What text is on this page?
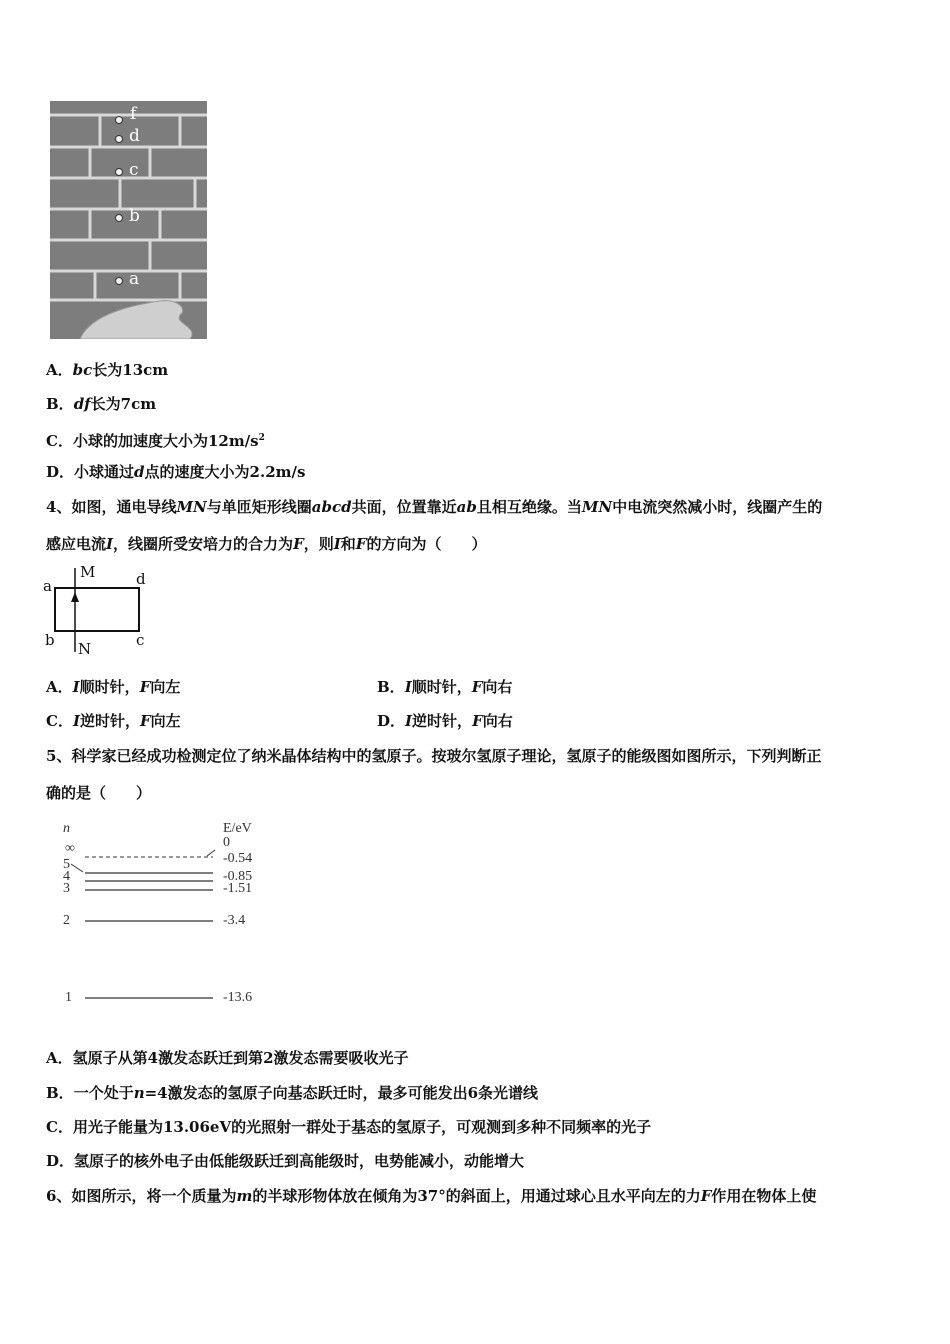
f
d
c
b
a
A．bc长为13cm
B．df长为7cm
C．小球的加速度大小为$12m/s^2$
D．小球通过d点的速度大小为2.2m/s
4、如图，通电导线MN与单匝矩形线圈abcd共面，位置靠近ab且相互绝缘。当MN中电流突然减小时，线圈产生的
感应电流I，线圈所受安培力的合力为F，则I和F的方向为（　　）
a
b	c
d
M
N
A．I顺时针，F向左	B．I顺时针，F向右
C．I逆时针，F向左	D．I逆时针，F向右
5、科学家已经成功检测定位了纳米晶体结构中的氢原子。按玻尔氢原子理论，氢原子的能级图如图所示，下列判断正
确的是（　　）
n	E/eV
∞	0
5	-0.54
4	-0.85
3	-1.51
2	-3.4
1	-13.6
A．氢原子从第4激发态跃迁到第2激发态需要吸收光子
B．一个处于n=4激发态的氢原子向基态跃迁时，最多可能发出6条光谱线
C．用光子能量为13.06eV的光照射一群处于基态的氢原子，可观测到多种不同频率的光子
D．氢原子的核外电子由低能级跃迁到高能级时，电势能减小，动能增大
6、如图所示，将一个质量为m的半球形物体放在倾角为37°的斜面上，用通过球心且水平向左的力F作用在物体上使
